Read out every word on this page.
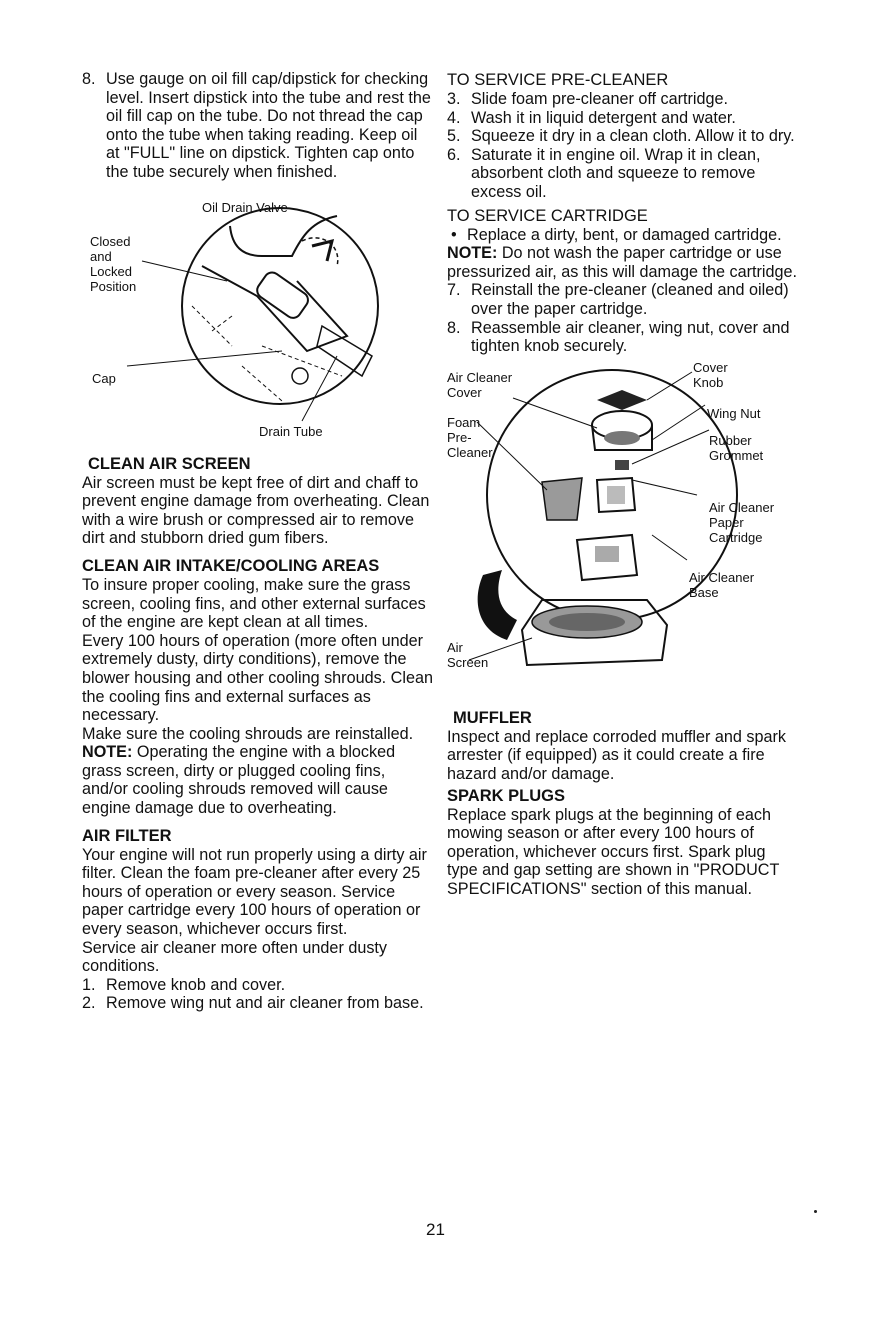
8. Use gauge on oil fill cap/dipstick for checking level. Insert dipstick into the tube and rest the oil fill cap on the tube. Do not thread the cap onto the tube when taking reading. Keep oil at "FULL" line on dipstick. Tighten cap onto the tube securely when finished.

Oil Drain Valve
Closed
and
Locked
Position
Cap
Drain Tube
CLEAN AIR SCREEN

Air screen must be kept free of dirt and chaff to prevent engine damage from overheating. Clean with a wire brush or compressed air to remove dirt and stubborn dried gum fibers.

CLEAN AIR INTAKE/COOLING AREAS

To insure proper cooling, make sure the grass screen, cooling fins, and other external surfaces of the engine are kept clean at all times.

Every 100 hours of operation (more often under extremely dusty, dirty conditions), remove the blower housing and other cooling shrouds. Clean the cooling fins and external surfaces as necessary.

Make sure the cooling shrouds are reinstalled.

NOTE: Operating the engine with a blocked grass screen, dirty or plugged cooling fins, and/or cooling shrouds removed will cause engine damage due to overheating.

AIR FILTER

Your engine will not run properly using a dirty air filter. Clean the foam pre-cleaner after every 25 hours of operation or every season. Service paper cartridge every 100 hours of operation or every season, whichever occurs first.

Service air cleaner more often under dusty conditions.

1. Remove knob and cover.

2. Remove wing nut and air cleaner from base.

TO SERVICE PRE-CLEANER
3. Slide foam pre-cleaner off cartridge.

4. Wash it in liquid detergent and water.

5. Squeeze it dry in a clean cloth. Allow it to dry.

6. Saturate it in engine oil. Wrap it in clean, absorbent cloth and squeeze to remove excess oil.

TO SERVICE CARTRIDGE
• Replace a dirty, bent, or damaged cartridge.

NOTE: Do not wash the paper cartridge or use pressurized air, as this will damage the cartridge.

7. Reinstall the pre-cleaner (cleaned and oiled) over the paper cartridge.

8. Reassemble air cleaner, wing nut, cover and tighten knob securely.

Air Cleaner
Cover
Cover
Knob
Wing Nut
Foam
Pre-
Cleaner
Rubber
Grommet
Air Cleaner
Paper
Cartridge
Air Cleaner
Base
Air
Screen
MUFFLER

Inspect and replace corroded muffler and spark arrester (if equipped) as it could create a fire hazard and/or damage.

SPARK PLUGS

Replace spark plugs at the beginning of each mowing season or after every 100 hours of operation, whichever occurs first. Spark plug type and gap setting are shown in "PRODUCT SPECIFICATIONS" section of this manual.

21
